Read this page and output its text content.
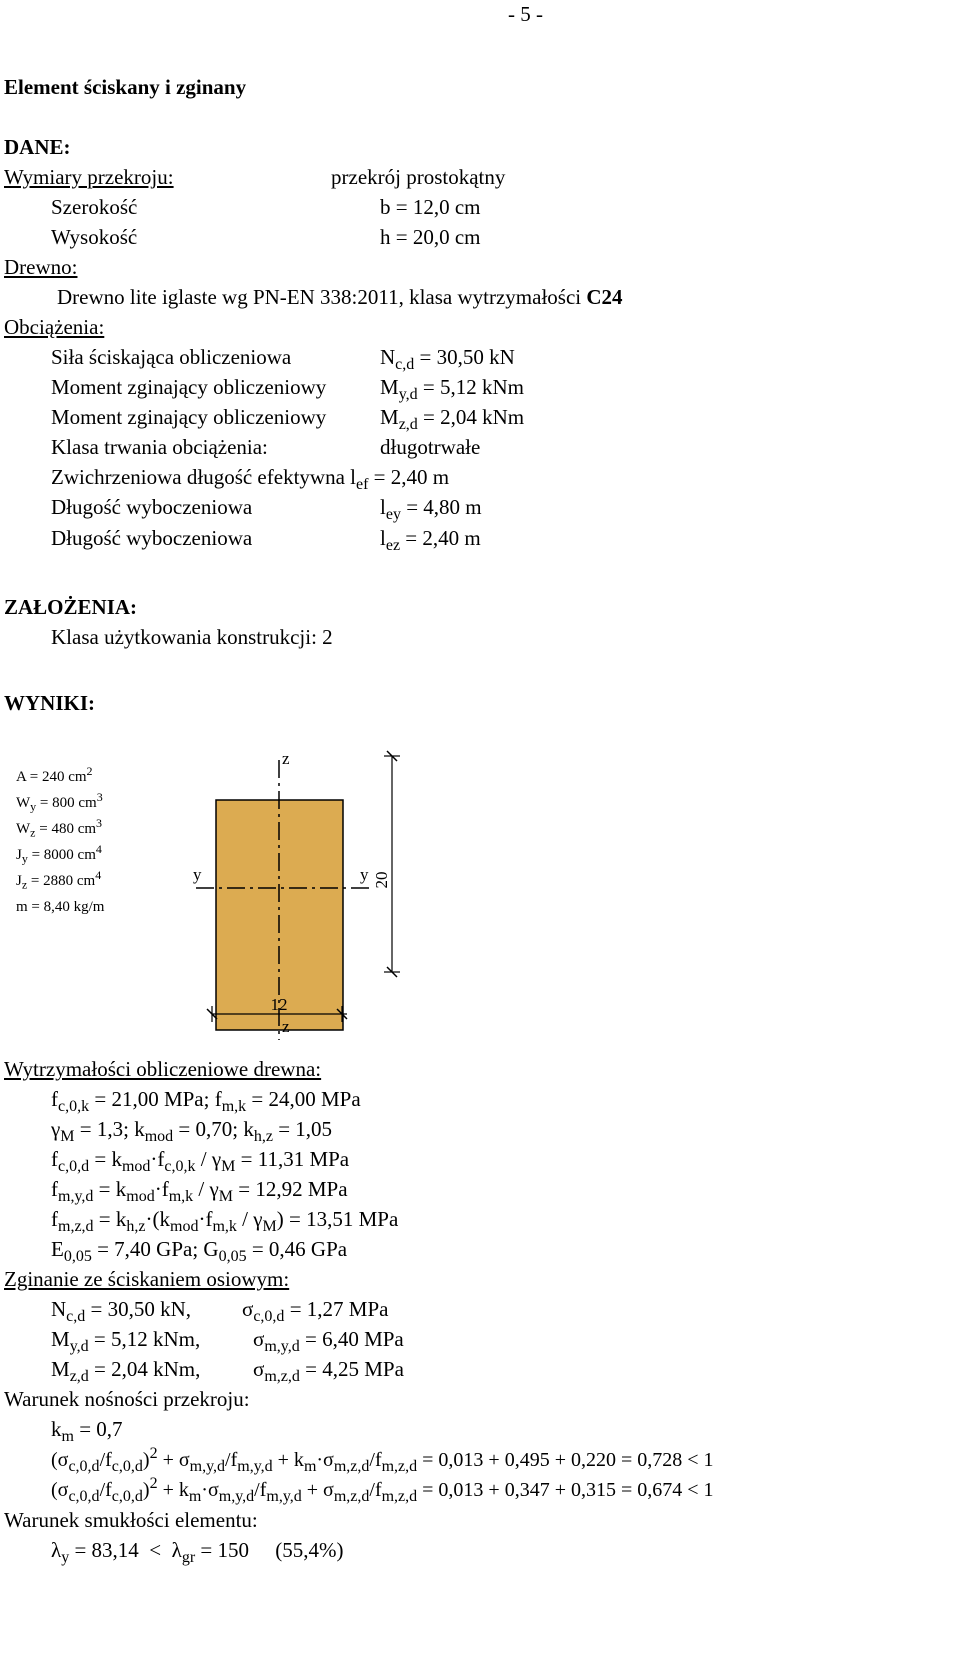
- 5 -
Element ściskany i zginany
DANE:
Wymiary przekroju:	przekrój prostokątny
Szerokość	b = 12,0 cm
Wysokość	h = 20,0 cm
Drewno:
Drewno lite iglaste wg PN-EN 338:2011, klasa wytrzymałości C24
Obciążenia:
Siła ściskająca obliczeniowa	$N_{c,d} = 30,50$ kN
Moment zginający obliczeniowy	$M_{y,d} = 5,12$ kNm
Moment zginający obliczeniowy	$M_{z,d} = 2,04$ kNm
Klasa trwania obciążenia:	długotrwałe
Zwichrzeniowa długość efektywna $l_{ef} = 2,40$ m
Długość wyboczeniowa	$l_{ey} = 4,80$ m
Długość wyboczeniowa	$l_{ez} = 2,40$ m
ZAŁOŻENIA:
Klasa użytkowania konstrukcji: 2
WYNIKI:
A = 240 $cm^2$
$W_y = 800$ $cm^3$
$W_z = 480$ $cm^3$
$J_y = 8000$ $cm^4$
$J_z = 2880$ $cm^4$
m = 8,40 kg/m
z
z
y	y 20
12
Wytrzymałości obliczeniowe drewna:
$f_{c,0,k} = 21,00$ MPa; $f_{m,k} = 24,00$ MPa
$\gamma_M = 1,3$; $k_{mod} = 0,70$; $k_{h,z} = 1,05$
$f_{c,0,d} = k_{mod}\cdot f_{c,0,k} / \gamma_M = 11,31$ MPa
$f_{m,y,d} = k_{mod}\cdot f_{m,k} / \gamma_M = 12,92$ MPa
$f_{m,z,d} = k_{h,z}\cdot(k_{mod}\cdot f_{m,k} / \gamma_M) = 13,51$ MPa
$E_{0,05} = 7,40$ GPa; $G_{0,05} = 0,46$ GPa
Zginanie ze ściskaniem osiowym:
$N_{c,d} = 30,50$ kN, $\sigma_{c,0,d} = 1,27$ MPa
$M_{y,d} = 5,12$ kNm,	$\sigma_{m,y,d} = 6,40$ MPa
$M_{z,d} = 2,04$ kNm,	$\sigma_{m,z,d} = 4,25$ MPa
Warunek nośności przekroju:
$k_m = 0,7$
$(\sigma_{c,0,d}/f_{c,0,d})^2 + \sigma_{m,y,d}/f_{m,y,d} + k_m\cdot\sigma_{m,z,d}/f_{m,z,d} = 0,013 + 0,495 + 0,220 = 0,728 < 1$
$(\sigma_{c,0,d}/f_{c,0,d})^2 + k_m\cdot\sigma_{m,y,d}/f_{m,y,d} + \sigma_{m,z,d}/f_{m,z,d} = 0,013 + 0,347 + 0,315 = 0,674 < 1$
Warunek smukłości elementu:
$\lambda_y = 83,14 < \lambda_{gr} = 150$     (55,4%)
